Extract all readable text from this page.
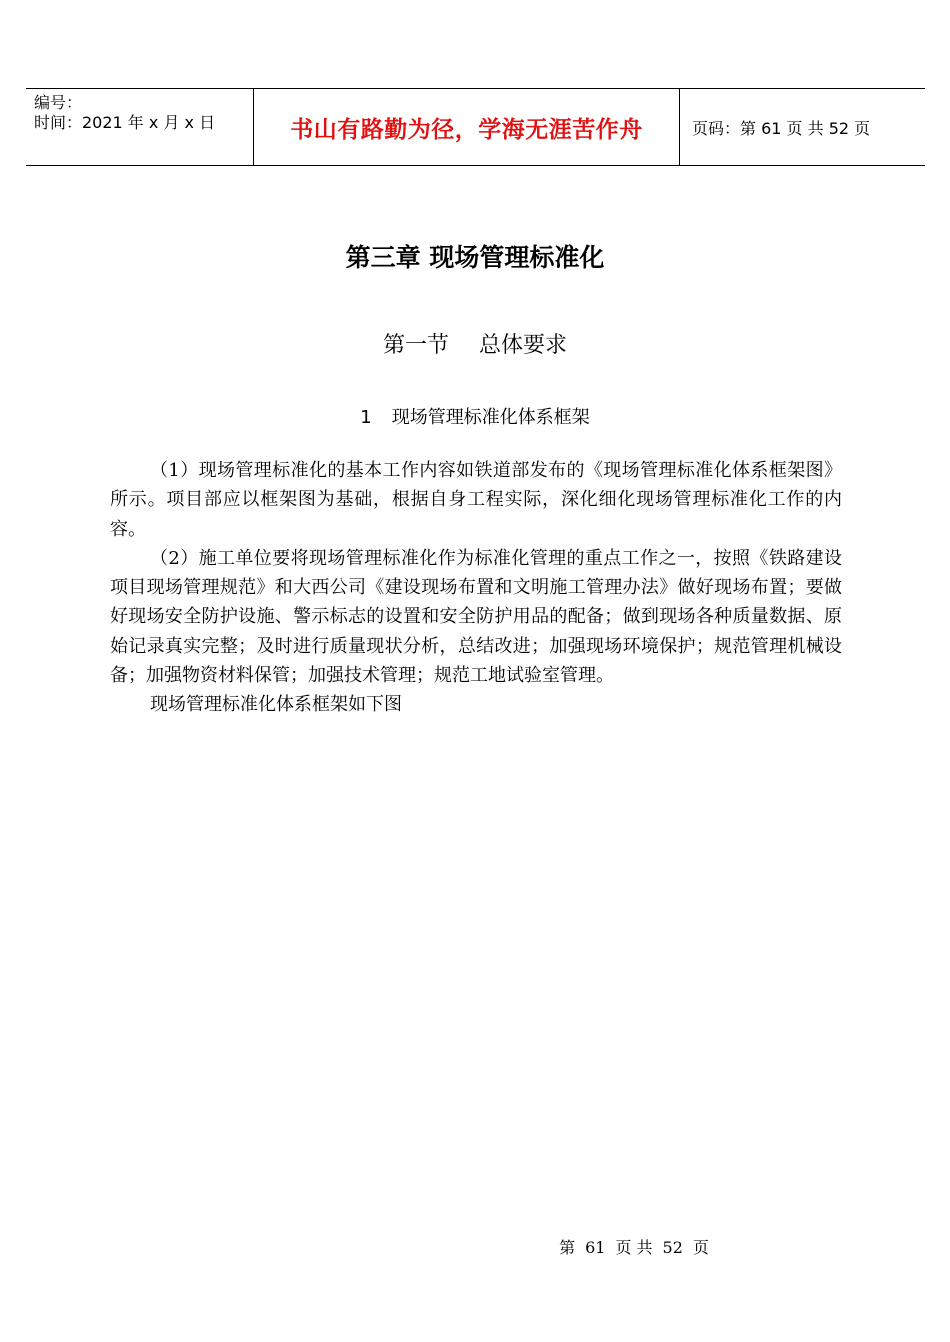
编号：
时间：2021 年 x 月 x 日	书山有路勤为径，学海无涯苦作舟	页码：第 61 页 共 52 页
第三章 现场管理标准化
第一节 总体要求
1 现场管理标准化体系框架

（1）现场管理标准化的基本工作内容如铁道部发布的《现场管理标准化体系框架图》所示。项目部应以框架图为基础，根据自身工程实际，深化细化现场管理标准化工作的内容。

（2）施工单位要将现场管理标准化作为标准化管理的重点工作之一，按照《铁路建设项目现场管理规范》和大西公司《建设现场布置和文明施工管理办法》做好现场布置；要做好现场安全防护设施、警示标志的设置和安全防护用品的配备；做到现场各种质量数据、原始记录真实完整；及时进行质量现状分析，总结改进；加强现场环境保护；规范管理机械设备；加强物资材料保管；加强技术管理；规范工地试验室管理。

现场管理标准化体系框架如下图

第 61 页 共 52 页
